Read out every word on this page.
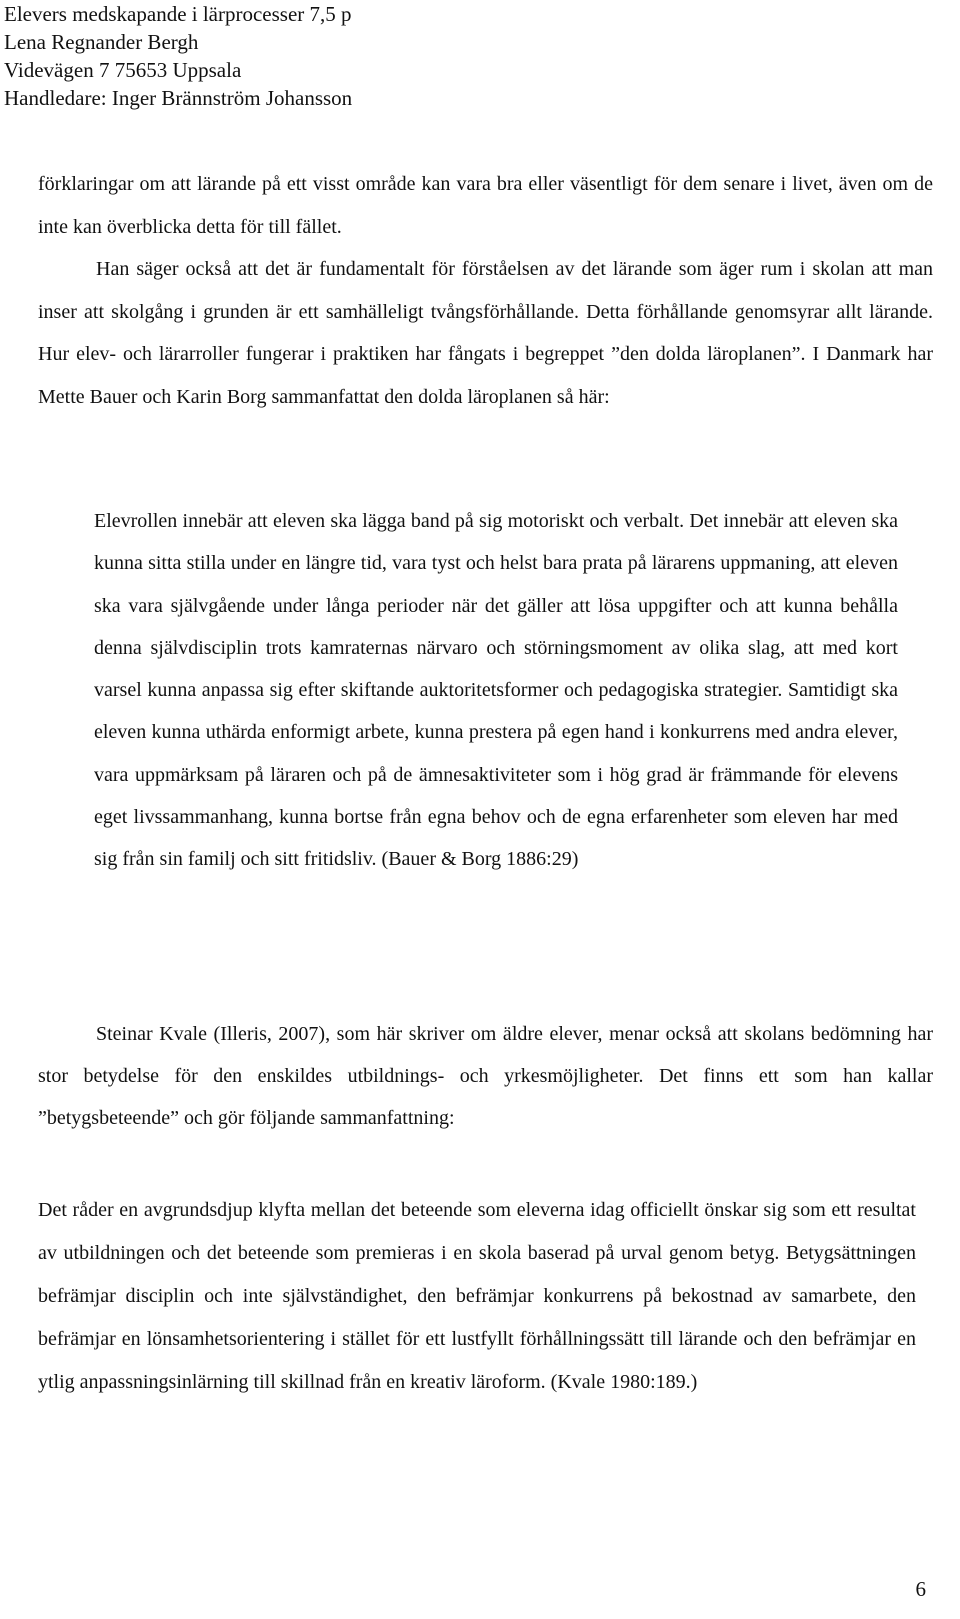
Elevers medskapande i lärprocesser 7,5 p
Lena Regnander Bergh
Videvägen 7 75653 Uppsala
Handledare: Inger Brännström Johansson

förklaringar om att lärande på ett visst område kan vara bra eller väsentligt för dem senare i livet, även om de inte kan överblicka detta för till fället.

Han säger också att det är fundamentalt för förståelsen av det lärande som äger rum i skolan att man inser att skolgång i grunden är ett samhälleligt tvångsförhållande. Detta förhållande genomsyrar allt lärande. Hur elev- och lärarroller fungerar i praktiken har fångats i begreppet ”den dolda läroplanen”. I Danmark har Mette Bauer och Karin Borg sammanfattat den dolda läroplanen så här:

Elevrollen innebär att eleven ska lägga band på sig motoriskt och verbalt. Det innebär att eleven ska kunna sitta stilla under en längre tid, vara tyst och helst bara prata på lärarens uppmaning, att eleven ska vara självgående under långa perioder när det gäller att lösa uppgifter och att kunna behålla denna självdisciplin trots kamraternas närvaro och störningsmoment av olika slag, att med kort varsel kunna anpassa sig efter skiftande auktoritetsformer och pedagogiska strategier. Samtidigt ska eleven kunna uthärda enformigt arbete, kunna prestera på egen hand i konkurrens med andra elever, vara uppmärksam på läraren och på de ämnesaktiviteter som i hög grad är främmande för elevens eget livssammanhang, kunna bortse från egna behov och de egna erfarenheter som eleven har med sig från sin familj och sitt fritidsliv. (Bauer & Borg 1886:29)

Steinar Kvale (Illeris, 2007), som här skriver om äldre elever, menar också att skolans bedömning har stor betydelse för den enskildes utbildnings- och yrkesmöjligheter. Det finns ett som han kallar ”betygsbeteende” och gör följande sammanfattning:

Det råder en avgrundsdjup klyfta mellan det beteende som eleverna idag officiellt önskar sig som ett resultat av utbildningen och det beteende som premieras i en skola baserad på urval genom betyg. Betygsättningen befrämjar disciplin och inte självständighet, den befrämjar konkurrens på bekostnad av samarbete, den befrämjar en lönsamhetsorientering i stället för ett lustfyllt förhållningssätt till lärande och den befrämjar en ytlig anpassningsinlärning till skillnad från en kreativ läroform. (Kvale 1980:189.)

6
